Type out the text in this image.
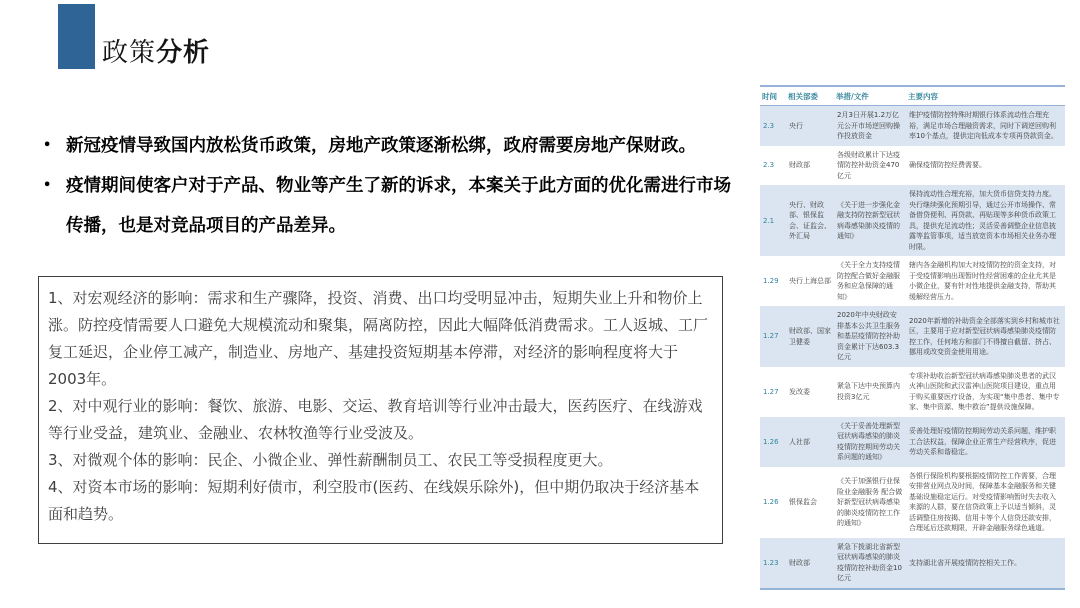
政策分析
•
新冠疫情导致国内放松货币政策，房地产政策逐渐松绑，政府需要房地产保财政。
•
疫情期间使客户对于产品、物业等产生了新的诉求，本案关于此方面的优化需进行市场传播，也是对竞品项目的产品差异。

1、对宏观经济的影响：需求和生产骤降，投资、消费、出口均受明显冲击，短期失业上升和物价上涨。防控疫情需要人口避免大规模流动和聚集，隔离防控，因此大幅降低消费需求。工人返城、工厂复工延迟，企业停工减产，制造业、房地产、基建投资短期基本停滞，对经济的影响程度将大于2003年。

2、对中观行业的影响：餐饮、旅游、电影、交运、教育培训等行业冲击最大，医药医疗、在线游戏等行业受益，建筑业、金融业、农林牧渔等行业受波及。

3、对微观个体的影响：民企、小微企业、弹性薪酬制员工、农民工等受损程度更大。

4、对资本市场的影响：短期利好债市，利空股市(医药、在线娱乐除外)，但中期仍取决于经济基本面和趋势。

时间	相关部委	举措/文件	主要内容
2.3	央行	2月3日开展1.2万亿元公开市场逆回购操作投放资金	维护疫情防控特殊时期银行体系流动性合理充裕，满足市场合理融资需求，同时下调逆回购利率10个基点，提供定向低成本专项再贷款资金。
2.3	财政部	各级财政累计下达疫情防控补助资金470亿元	确保疫情防控经费需要。
2.1	央行、财政部、银保监会、证监会、外汇局	《关于进一步强化金融支持防控新型冠状病毒感染肺炎疫情的通知》	保持流动性合理充裕，加大货币信贷支持力度。央行继续强化预期引导，通过公开市场操作、常备借贷便利、再贷款、再贴现等多种货币政策工具，提供充足流动性；灵活妥善调整企业信息披露等监管事项，适当放宽资本市场相关业务办理时限。
1.29	央行上海总部	《关于全力支持疫情防控配合做好金融服务和应急保障的通知》	辖内各金融机构加大对疫情防控的资金支持，对于受疫情影响出现暂时性经营困难的企业尤其是小微企业，要有针对性地提供金融支持，帮助其缓解经营压力。
1.27	财政部、国家卫健委	2020年中央财政安排基本公共卫生服务和基层疫情防控补助资金累计下达603.3亿元	2020年新增的补助资金全部落实到乡村和城市社区，主要用于应对新型冠状病毒感染肺炎疫情防控工作，任何地方和部门不得擅自截留、挤占、挪用或改变资金使用用途。
1.27	发改委	紧急下达中央预算内投资3亿元	专项补助收治新型冠状病毒感染肺炎患者的武汉火神山医院和武汉雷神山医院项目建设，重点用于购买重要医疗设备，为实现“集中患者、集中专家、集中资源、集中救治”提供设施保障。
1.26	人社部	《关于妥善处理新型冠状病毒感染的肺炎疫情防控期间劳动关系问题的通知》	妥善处理好疫情防控期间劳动关系问题，维护职工合法权益，保障企业正常生产经营秩序，促进劳动关系和谐稳定。
1.26	银保监会	《关于加强银行业保险业金融服务 配合做好新型冠状病毒感染的肺炎疫情防控工作的通知》	各银行保险机构要根据疫情防控工作需要，合理安排营业网点及时间，保障基本金融服务和关键基础设施稳定运行。对受疫情影响暂时失去收入来源的人群，要在信贷政策上予以适当倾斜，灵活调整住房按揭、信用卡等个人信贷还款安排，合理延后还款期限，开辟金融服务绿色通道。
1.23	财政部	紧急下拨湖北省新型冠状病毒感染的肺炎疫情防控补助资金10亿元	支持湖北省开展疫情防控相关工作。
